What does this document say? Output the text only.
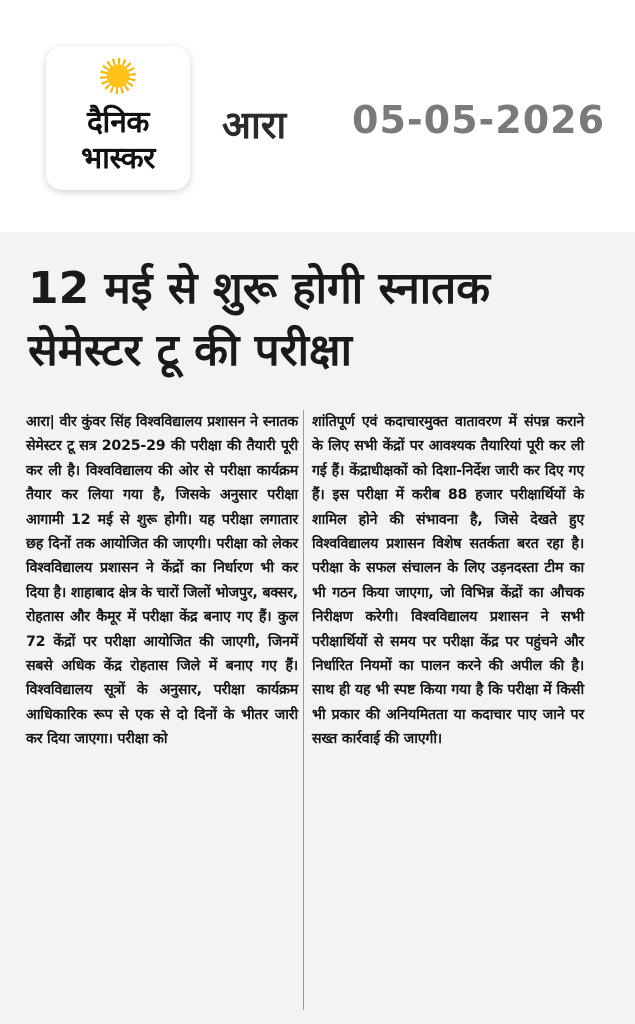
दैनिक
भास्कर
आरा 05-05-2026
12 मई से शुरू होगी स्नातक
सेमेस्टर टू की परीक्षा
आरा| वीर कुंवर सिंह विश्वविद्यालय प्रशासन ने स्नातक सेमेस्टर टू सत्र 2025-29 की परीक्षा की तैयारी पूरी कर ली है। विश्वविद्यालय की ओर से परीक्षा कार्यक्रम तैयार कर लिया गया है, जिसके अनुसार परीक्षा आगामी 12 मई से शुरू होगी। यह परीक्षा लगातार छह दिनों तक आयोजित की जाएगी। परीक्षा को लेकर विश्वविद्यालय प्रशासन ने केंद्रों का निर्धारण भी कर दिया है। शाहाबाद क्षेत्र के चारों जिलों भोजपुर, बक्सर, रोहतास और कैमूर में परीक्षा केंद्र बनाए गए हैं। कुल 72 केंद्रों पर परीक्षा आयोजित की जाएगी, जिनमें सबसे अधिक केंद्र रोहतास जिले में बनाए गए हैं। विश्वविद्यालय सूत्रों के अनुसार, परीक्षा कार्यक्रम आधिकारिक रूप से एक से दो दिनों के भीतर जारी कर दिया जाएगा। परीक्षा को
शांतिपूर्ण एवं कदाचारमुक्त वातावरण में संपन्न कराने के लिए सभी केंद्रों पर आवश्यक तैयारियां पूरी कर ली गई हैं। केंद्राधीक्षकों को दिशा-निर्देश जारी कर दिए गए हैं। इस परीक्षा में करीब 88 हजार परीक्षार्थियों के शामिल होने की संभावना है, जिसे देखते हुए विश्वविद्यालय प्रशासन विशेष सतर्कता बरत रहा है। परीक्षा के सफल संचालन के लिए उड़नदस्ता टीम का भी गठन किया जाएगा, जो विभिन्न केंद्रों का औचक निरीक्षण करेगी। विश्वविद्यालय प्रशासन ने सभी परीक्षार्थियों से समय पर परीक्षा केंद्र पर पहुंचने और निर्धारित नियमों का पालन करने की अपील की है। साथ ही यह भी स्पष्ट किया गया है कि परीक्षा में किसी भी प्रकार की अनियमितता या कदाचार पाए जाने पर सख्त कार्रवाई की जाएगी।
